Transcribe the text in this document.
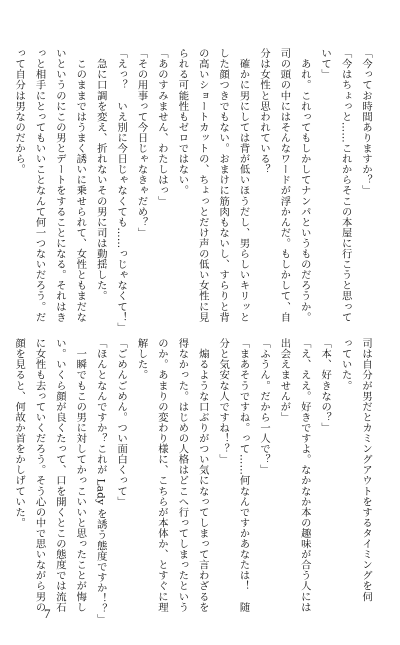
「今ってお時間ありますか？」
「今はちょっと……これからそこの本屋に行こうと思って
いて」
　あれ。これってもしかしてナンパというものだろうか。
司の頭の中にはそんなワードが浮かんだ。もしかして、自
分は女性と思われている？
　確かに男にしては背が低いほうだし、男らしいキリッと
した顔つきでもない。おまけに筋肉もないし、すらりと背
の高いショートカットの、ちょっとだけ声の低い女性に見
られる可能性もゼロではない。
「あのすみません、わたしはっ」
「その用事って今日じゃなきゃだめ？」
「えっ？　いえ別に今日じゃなくても……っじゃなくて！」
　急に口調を変え、折れないその男に司は動揺した。
　このままではうまく誘いに乗せられて、女性ともまだな
いというのにこの男とデートをすることになる。それはき
っと相手にとってもいいことなんて何一つないだろう。だ
って自分は男なのだから。
司は自分が男だとカミングアウトをするタイミングを伺
っていた。
「本、好きなの？」
「え、ええ。好きですよ。なかなか本の趣味が合う人には
出会えませんが」
「ふうん。だから一人で？」
「まあそうですね。って……何なんですかあなたは！　随
分と気安な人ですね！？」
　煽るような口ぶりがつい気になってしまって言わざるを
得なかった。はじめの人格はどこへ行ってしまったという
のか。あまりの変わり様に、こちらが本体か、とすぐに理
解した。
「ごめんごめん。つい面白くって」
「ほんとなんですか？これが Lady を誘う態度ですか！？」
　一瞬でもこの男に対してかっこいいと思ったことが悔し
い。いくら顔が良くたって、口を開くとこの態度では流石
に女性も去っていくだろう。そう心の中で思いながら男の
顔を見ると、何故か首をかしげていた。
7
